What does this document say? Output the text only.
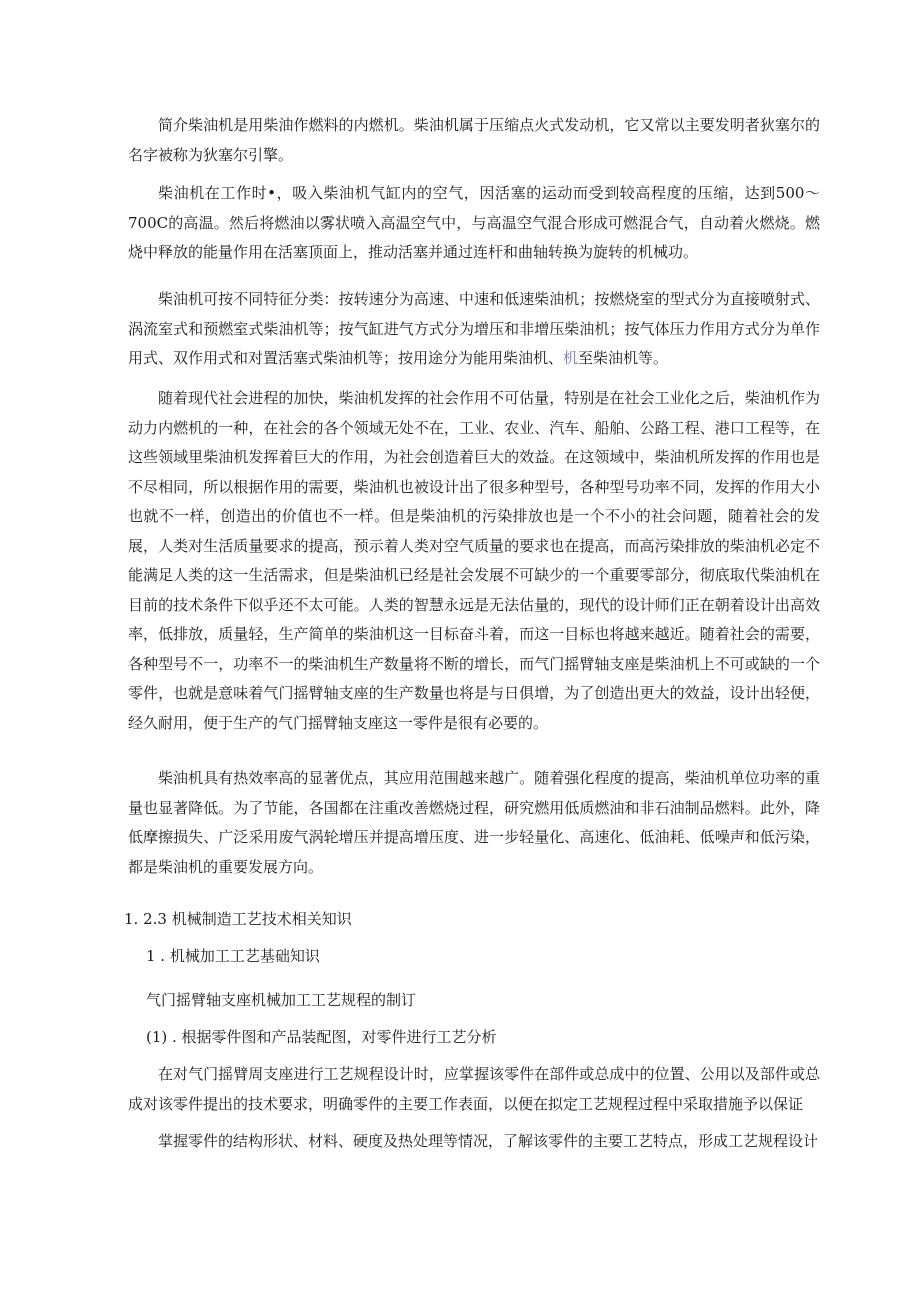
简介柴油机是用柴油作燃料的内燃机。柴油机属于压缩点火式发动机，它又常以主要发明者狄塞尔的名字被称为狄塞尔引擎。

柴油机在工作时•，吸入柴油机气缸内的空气，因活塞的运动而受到较高程度的压缩，达到500～700C的高温。然后将燃油以雾状喷入高温空气中，与高温空气混合形成可燃混合气，自动着火燃烧。燃烧中释放的能量作用在活塞顶面上，推动活塞并通过连杆和曲轴转换为旋转的机械功。

柴油机可按不同特征分类：按转速分为高速、中速和低速柴油机；按燃烧室的型式分为直接喷射式、涡流室式和预燃室式柴油机等；按气缸进气方式分为增压和非增压柴油机；按气体压力作用方式分为单作用式、双作用式和对置活塞式柴油机等；按用途分为能用柴油机、机至柴油机等。

随着现代社会进程的加快，柴油机发挥的社会作用不可估量，特别是在社会工业化之后，柴油机作为动力内燃机的一种，在社会的各个领域无处不在，工业、农业、汽车、船舶、公路工程、港口工程等，在这些领域里柴油机发挥着巨大的作用，为社会创造着巨大的效益。在这领域中，柴油机所发挥的作用也是不尽相同，所以根据作用的需要，柴油机也被设计出了很多种型号，各种型号功率不同，发挥的作用大小也就不一样，创造出的价值也不一样。但是柴油机的污染排放也是一个不小的社会问题，随着社会的发展，人类对生活质量要求的提高，预示着人类对空气质量的要求也在提高，而高污染排放的柴油机必定不能满足人类的这一生活需求，但是柴油机已经是社会发展不可缺少的一个重要零部分，彻底取代柴油机在目前的技术条件下似乎还不太可能。人类的智慧永远是无法估量的，现代的设计师们正在朝着设计出高效率，低排放，质量轻，生产简单的柴油机这一目标奋斗着，而这一目标也将越来越近。随着社会的需要，各种型号不一，功率不一的柴油机生产数量将不断的增长，而气门摇臂轴支座是柴油机上不可或缺的一个零件，也就是意味着气门摇臂轴支座的生产数量也将是与日俱增，为了创造出更大的效益，设计出轻便，经久耐用，便于生产的气门摇臂轴支座这一零件是很有必要的。

柴油机具有热效率高的显著优点，其应用范围越来越广。随着强化程度的提高，柴油机单位功率的重量也显著降低。为了节能，各国都在注重改善燃烧过程，研究燃用低质燃油和非石油制品燃料。此外，降低摩擦损失、广泛采用废气涡轮增压并提高增压度、进一步轻量化、高速化、低油耗、低噪声和低污染，都是柴油机的重要发展方向。

1. 2.3 机械制造工艺技术相关知识

1 . 机械加工工艺基础知识

气门摇臂轴支座机械加工工艺规程的制订

(1) . 根据零件图和产品装配图，对零件进行工艺分析

在对气门摇臂周支座进行工艺规程设计时，应掌握该零件在部件或总成中的位置、公用以及部件或总成对该零件提出的技术要求，明确零件的主要工作表面，以便在拟定工艺规程过程中采取措施予以保证

掌握零件的结构形状、材料、硬度及热处理等情况，了解该零件的主要工艺特点，形成工艺规程设计
